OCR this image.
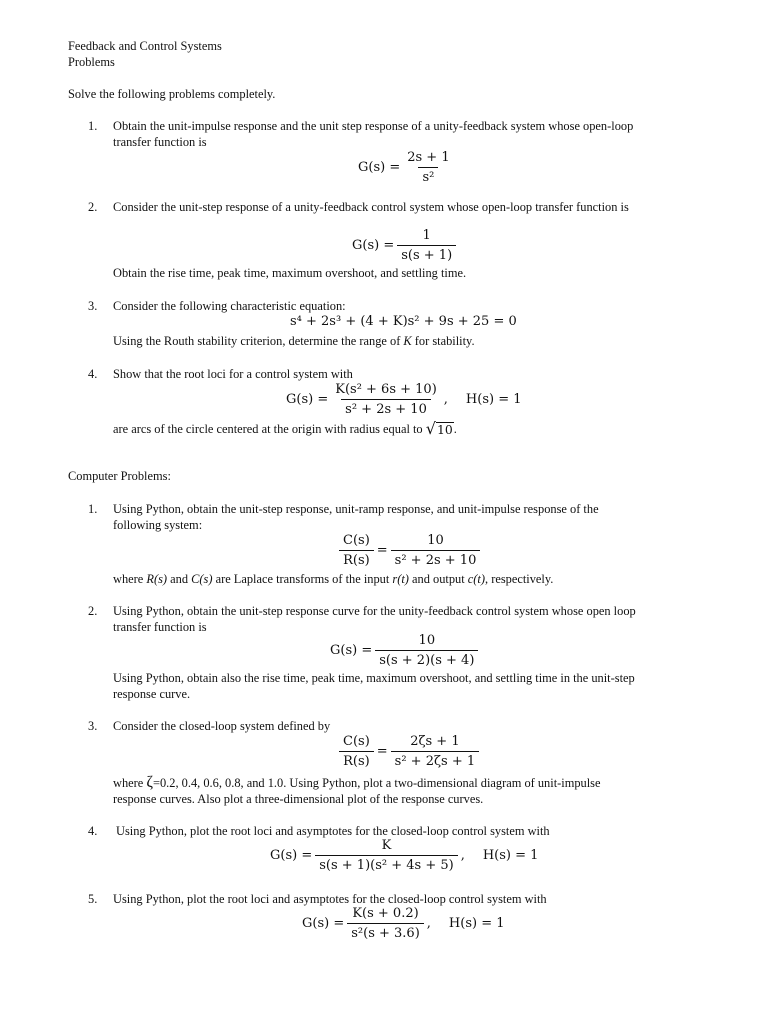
Feedback and Control Systems
Problems
Solve the following problems completely.
1. Obtain the unit-impulse response and the unit step response of a unity-feedback system whose open-loop
transfer function is
$G(s) = \frac{2s + 1}{\text{s²}}$
2. Consider the unit-step response of a unity-feedback control system whose open-loop transfer function is
$G(s) = \frac{1}{s(s + 1)}$
Obtain the rise time, peak time, maximum overshoot, and settling time.
3. Consider the following characteristic equation:
s⁴ + 2s³ + (4 + K)s² + 9s + 25 = 0
Using the Routh stability criterion, determine the range of K for stability.
4. Show that the root loci for a control system with
$G(s) = \frac{\text{K(s² + 6s + 10)}}{\text{s² + 2s + 10}}$ , H(s) = 1
are arcs of the circle centered at the origin with radius equal to
√ 10 .
Computer Problems:
1. Using Python, obtain the unit-step response, unit-ramp response, and unit-impulse response of the
following system:
$\frac{C(s)}{R(s)} = \frac{10}{\text{s² + 2s + 10}}$
where R(s) and C(s) are Laplace transforms of the input r(t) and output c(t), respectively.
2. Using Python, obtain the unit-step response curve for the unity-feedback control system whose open loop
transfer function is
$G(s) = \frac{10}{s(s + 2)(s + 4)}$
Using Python, obtain also the rise time, peak time, maximum overshoot, and settling time in the unit-step
response curve.
3. Consider the closed-loop system defined by
$\frac{C(s)}{R(s)} = \frac{2\zeta s + 1}{\text{s² + 2ζs + 1}}$
where ζ=0.2, 0.4, 0.6, 0.8, and 1.0. Using Python, plot a two-dimensional diagram of unit-impulse
response curves. Also plot a three-dimensional plot of the response curves.
4. Using Python, plot the root loci and asymptotes for the closed-loop control system with
$G(s) = \frac{K}{\text{s(s + 1)(s² + 4s + 5)}}$ , H(s) = 1
5. Using Python, plot the root loci and asymptotes for the closed-loop control system with
$G(s) = \frac{K(s + 0.2)}{\text{s²(s + 3.6)}}$ , H(s) = 1
